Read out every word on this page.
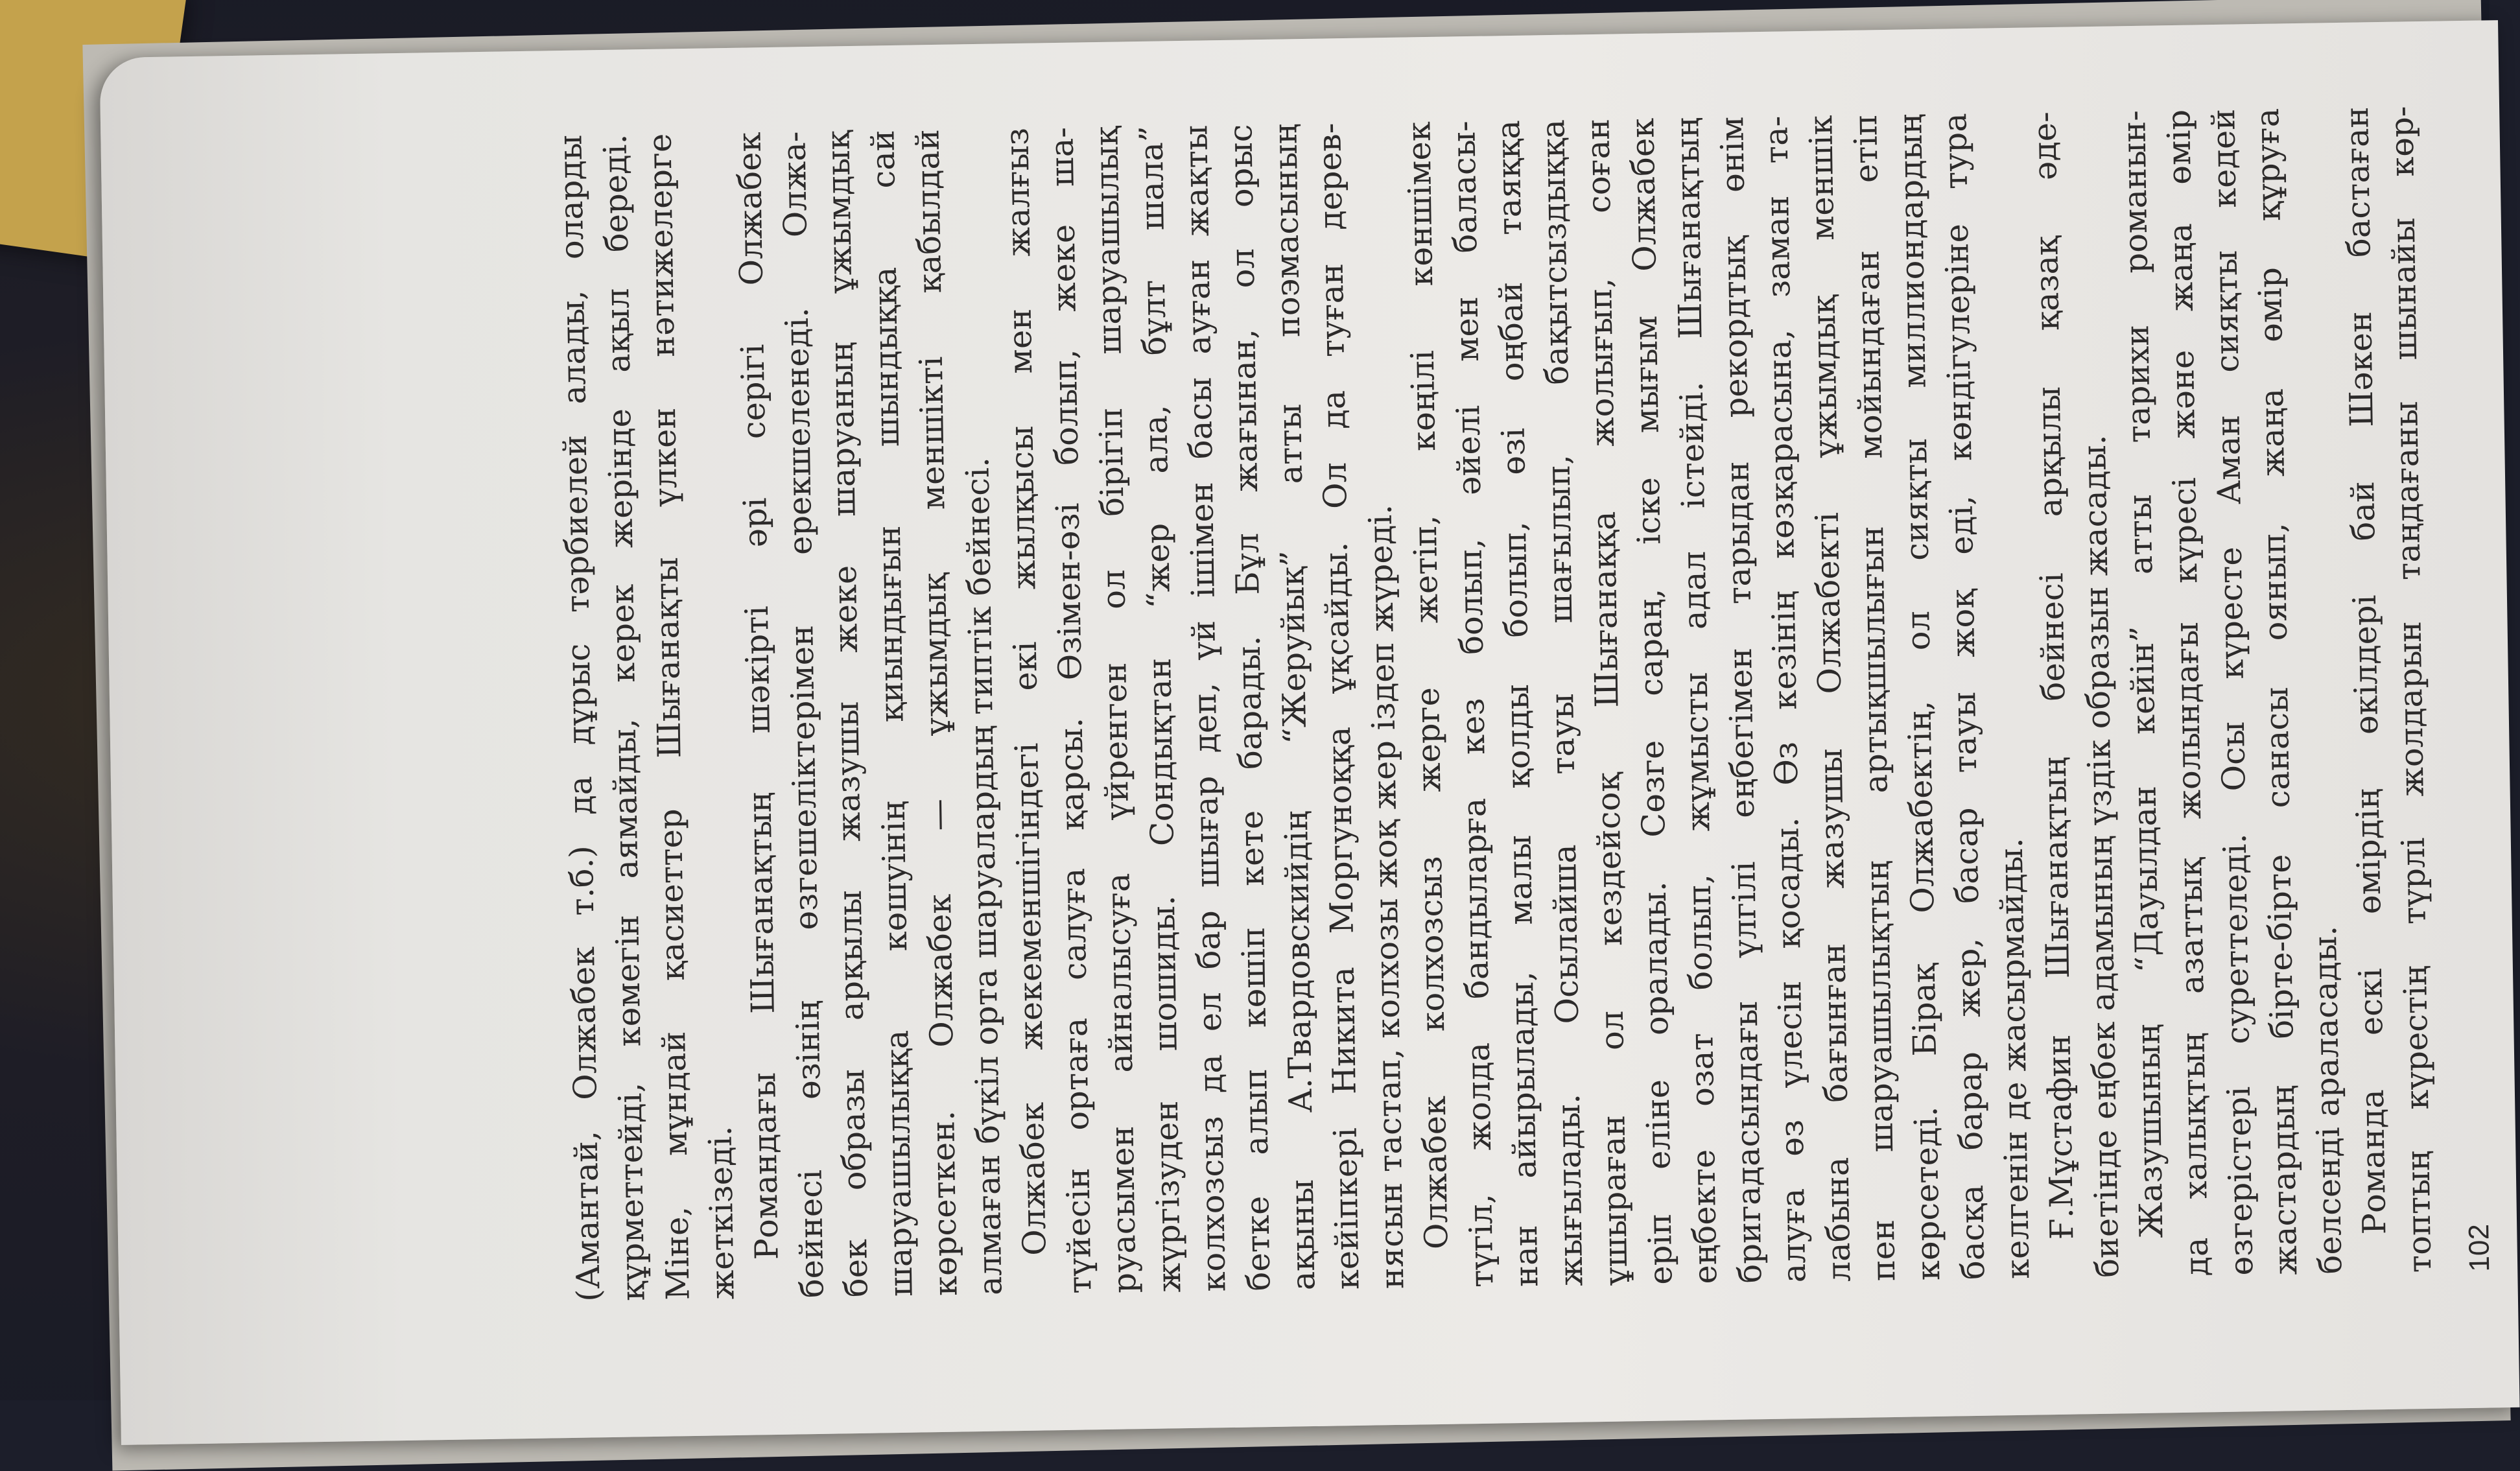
(Амантай, Олжабек т.б.) да дұрыс тәрбиелей алады, оларды
құрметтейді, көмегін аямайды, керек жерінде ақыл береді.
Міне, мұндай қасиеттер Шығанақты үлкен нәтижелерге жеткізеді.
Романдағы Шығанақтың шәкірті әрі серігі Олжабек
бейнесі өзінің өзгешеліктерімен ерекшеленеді. Олжа-
бек образы арқылы жазушы жеке шаруаның ұжымдық
шаруашылыққа көшуінің қиындығын шындыққа сай
көрсеткен. Олжабек — ұжымдық меншікті қабылдай
алмаған бүкіл орта шаруалардың типтік бейнесі.
Олжабек жекеменшігіндегі екі жылқысы мен жалғыз
түйесін ортаға салуға қарсы. Өзімен-өзі болып, жеке ша-
руасымен айналысуға үйренген ол бірігіп шаруашылық
жүргізуден шошиды. Сондықтан “жер ала, бұлт шала”
колхозсыз да ел бар шығар деп, үй ішімен басы ауған жақты
бетке алып көшіп кете барады. Бұл жағынан, ол орыс
ақыны А.Твардовскийдің “Жеруйық” атты поэмасының
кейіпкері Никита Моргуноққа ұқсайды. Ол да туған дерев-
нясын тастап, колхозы жоқ жер іздеп жүреді.
Олжабек колхозсыз жерге жетіп, көңілі көншімек
түгіл, жолда бандыларға кез болып, әйелі мен баласы-
нан айырылады, малы қолды болып, өзі оңбай таяққа
жығылады. Осылайша тауы шағылып, бақытсыздыққа
ұшыраған ол кездейсоқ Шығанаққа жолығып, соған
еріп еліне оралады. Сөзге сараң, іске мығым Олжабек
еңбекте озат болып, жұмысты адал істейді. Шығанақтың
бригадасындағы үлгілі еңбегімен тарыдан рекордтық өнім
алуға өз үлесін қосады. Өз кезінің көзқарасына, заман та-
лабына бағынған жазушы Олжабекті ұжымдық меншік
пен шаруашылықтың артықшылығын мойындаған етіп
көрсетеді. Бірақ Олжабектің, ол сияқты миллиондардың
басқа барар жер, басар тауы жоқ еді, көндігулеріне тура келгенін де жасырмайды.
Ғ.Мұстафин Шығанақтың бейнесі арқылы қазақ әде-
биетінде еңбек адамының үздік образын жасады.
Жазушының “Дауылдан кейін” атты тарихи романын-
да халықтың азаттық жолындағы күресі және жаңа өмір
өзгерістері суреттеледі. Осы күресте Аман сияқты кедей
жастардың бірте-бірте санасы оянып, жаңа өмір құруға белсенді араласады.
Романда ескі өмірдің өкілдері бай Шәкен бастаған
топтың күрестің түрлі жолдарын таңдағаны шынайы көр- 102
